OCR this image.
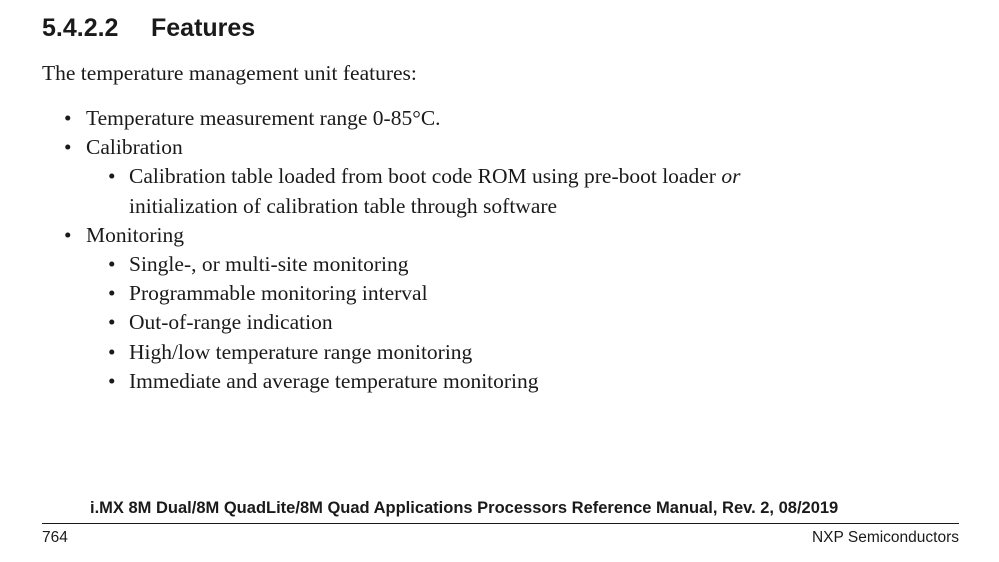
5.4.2.2 Features
The temperature management unit features:
• Temperature measurement range 0-85°C.
• Calibration
• Calibration table loaded from boot code ROM using pre-boot loader or
initialization of calibration table through software
• Monitoring
• Single-, or multi-site monitoring
• Programmable monitoring interval
• Out-of-range indication
• High/low temperature range monitoring
• Immediate and average temperature monitoring
i.MX 8M Dual/8M QuadLite/8M Quad Applications Processors Reference Manual, Rev. 2, 08/2019
764	NXP Semiconductors
